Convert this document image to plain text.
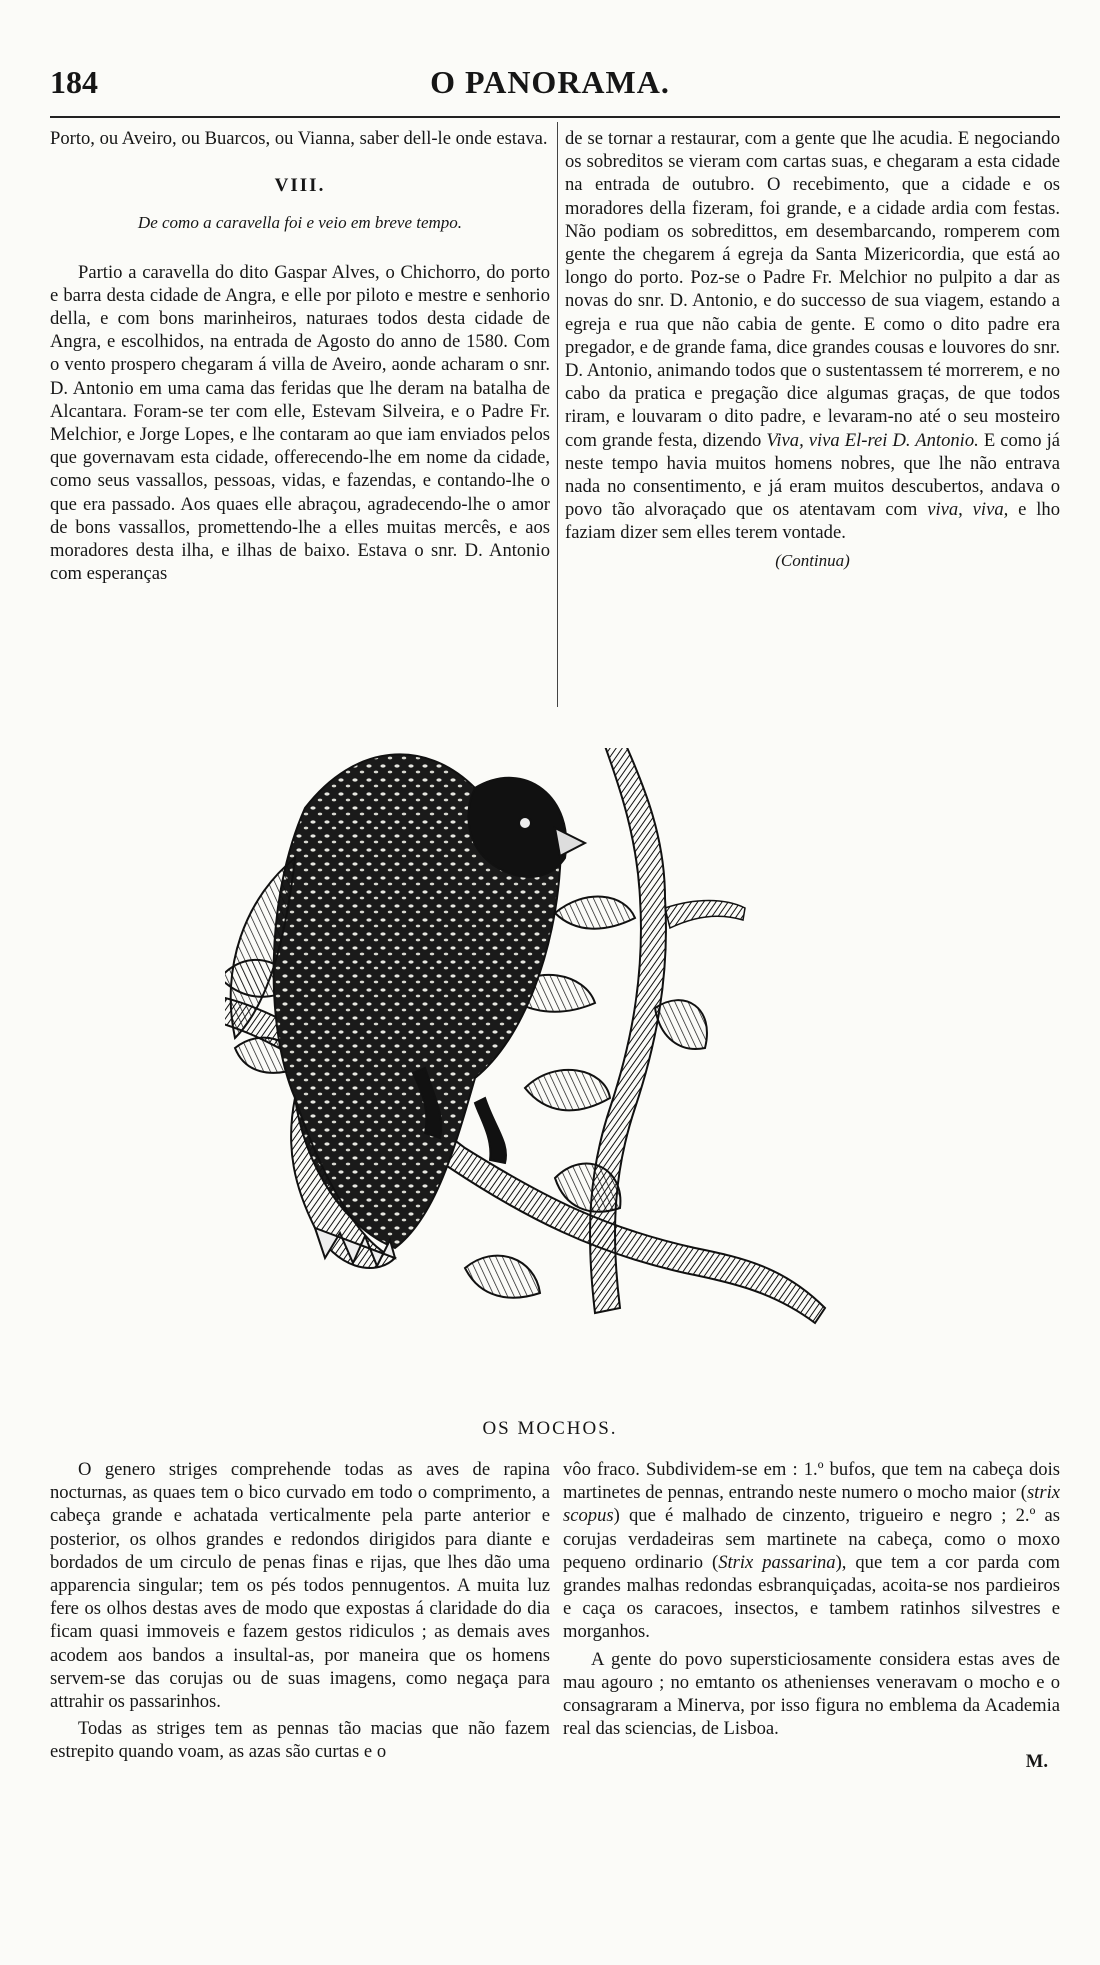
184	O PANORAMA.

Porto, ou Aveiro, ou Buarcos, ou Vianna, saber dell-le onde estava.

VIII.
De como a caravella foi e veio em breve tempo.

Partio a caravella do dito Gaspar Alves, o Chichorro, do porto e barra desta cidade de Angra, e elle por piloto e mestre e senhorio della, e com bons marinheiros, naturaes todos desta cidade de Angra, e escolhidos, na entrada de Agosto do anno de 1580. Com o vento prospero chegaram á villa de Aveiro, aonde acharam o snr. D. Antonio em uma cama das feridas que lhe deram na batalha de Alcantara. Foram-se ter com elle, Estevam Silveira, e o Padre Fr. Melchior, e Jorge Lopes, e lhe contaram ao que iam enviados pelos que governavam esta cidade, offerecendo-lhe em nome da cidade, como seus vassallos, pessoas, vidas, e fazendas, e contando-lhe o que era passado. Aos quaes elle abraçou, agradecendo-lhe o amor de bons vassallos, promettendo-lhe a elles muitas mercês, e aos moradores desta ilha, e ilhas de baixo. Estava o snr. D. Antonio com esperanças

de se tornar a restaurar, com a gente que lhe acudia. E negociando os sobreditos se vieram com cartas suas, e chegaram a esta cidade na entrada de outubro. O recebimento, que a cidade e os moradores della fizeram, foi grande, e a cidade ardia com festas. Não podiam os sobredittos, em desembarcando, romperem com gente the chegarem á egreja da Santa Mizericordia, que está ao longo do porto. Poz-se o Padre Fr. Melchior no pulpito a dar as novas do snr. D. Antonio, e do successo de sua viagem, estando a egreja e rua que não cabia de gente. E como o dito padre era pregador, e de grande fama, dice grandes cousas e louvores do snr. D. Antonio, animando todos que o sustentassem té morrerem, e no cabo da pratica e pregação dice algumas graças, de que todos riram, e louvaram o dito padre, e levaram-no até o seu mosteiro com grande festa, dizendo Viva, viva El-rei D. Antonio. E como já neste tempo havia muitos homens nobres, que lhe não entrava nada no consentimento, e já eram muitos descubertos, andava o povo tão alvoraçado que os atentavam com viva, viva, e lho faziam dizer sem elles terem vontade.

(Continua)
OS MOCHOS.

O genero striges comprehende todas as aves de rapina nocturnas, as quaes tem o bico curvado em todo o comprimento, a cabeça grande e achatada verticalmente pela parte anterior e posterior, os olhos grandes e redondos dirigidos para diante e bordados de um circulo de penas finas e rijas, que lhes dão uma apparencia singular; tem os pés todos pennugentos. A muita luz fere os olhos destas aves de modo que expostas á claridade do dia ficam quasi immoveis e fazem gestos ridiculos ; as demais aves acodem aos bandos a insultal-as, por maneira que os homens servem-se das corujas ou de suas imagens, como negaça para attrahir os passarinhos.

Todas as striges tem as pennas tão macias que não fazem estrepito quando voam, as azas são curtas e o

vôo fraco. Subdividem-se em : 1.º bufos, que tem na cabeça dois martinetes de pennas, entrando neste numero o mocho maior (strix scopus) que é malhado de cinzento, trigueiro e negro ; 2.º as corujas verdadeiras sem martinete na cabeça, como o moxo pequeno ordinario (Strix passarina), que tem a cor parda com grandes malhas redondas esbranquiçadas, acoita-se nos pardieiros e caça os caracoes, insectos, e tambem ratinhos silvestres e morganhos.

A gente do povo supersticiosamente considera estas aves de mau agouro ; no emtanto os athenienses veneravam o mocho e o consagraram a Minerva, por isso figura no emblema da Academia real das sciencias, de Lisboa.

M.
